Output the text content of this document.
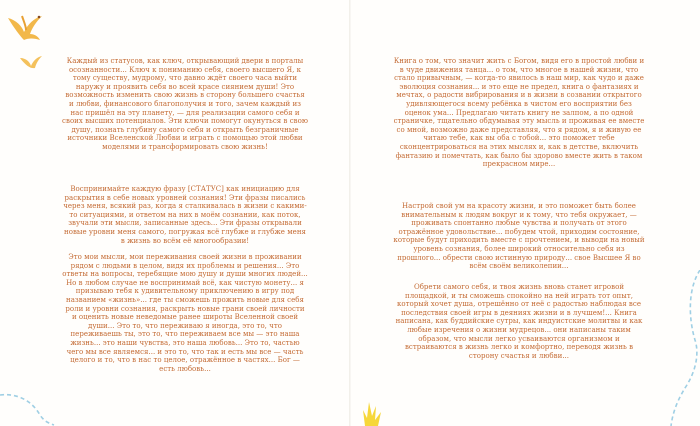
Каждый из статусов, как ключ, открывающий двери в порталы осознанности... Ключ к пониманию себя, своего высшего Я, к тому существу, мудрому, что давно ждёт своего часа выйти наружу и проявить себя во всей красе сиянием души! Это возможность изменить свою жизнь в сторону большего счастья и любви, финансового благополучия и того, зачем каждый из нас пришёл на эту планету, — для реализации самого себя и своих высших потенциалов. Эти ключи помогут окунуться в свою душу, познать глубину самого себя и открыть безграничные источники Вселенской Любви и играть с помощью этой любви моделями и трансформировать свою жизнь!
Воспринимайте каждую фразу [СТАТУС] как инициацию для раскрытия в себе новых уровней сознания! Эти фразы писались через меня, всякий раз, когда я сталкивалась в жизни с какими-то ситуациями, и ответом на них в моём сознании, как поток, звучали эти мысли, записанные здесь... Эти фразы открывали новые уровни меня самого, погружая всё глубже и глубже меня в жизнь во всём её многообразии!
Это мои мысли, мои переживания своей жизни в проживании рядом с людьми в целом, видя их проблемы и решения... Это ответы на вопросы, теребящие мою душу и души многих людей... Но в любом случае не воспринимай всё, как чистую монету... я призываю тебя к удивительному приключению в игру под названием «жизнь»... где ты сможешь прожить новые для себя роли и уровни сознания, раскрыть новые грани своей личности и оценить новые неведомые ранее широты Вселенной своей души... Это то, что переживаю я иногда, это то, что переживаешь ты, это то, что переживаем все мы — это наша жизнь... это наши чувства, это наша любовь... Это то, частью чего мы все являемся... и это то, что так и есть мы все — часть целого и то, что в нас то целое, отражённое в частях... Бог — есть любовь...
Книга о том, что значит жить с Богом, видя его в простой любви и в чуде движения танца... о том, что многое в нашей жизни, что стало привычным, — когда-то явилось в наш мир, как чудо и даже эволюция сознания... и это еще не предел, книга о фантазиях и мечтах, о радости вибрирования и в жизни в созвании открытого удивляющегося всему ребёнка в чистом его восприятии без оценок ума... Предлагаю читать книгу не залпом, а по одной страничке, тщательно обдумывая эту мысль и проживая ее вместе со мной, возможно даже представляя, что я рядом, я и живую ее читаю тебе, как вы оба с тобой... это поможет тебе сконцентрироваться на этих мыслях и, как в детстве, включить фантазию и помечтать, как было бы здорово вместе жить в таком прекрасном мире...
Настрой свой ум на красоту жизни, и это поможет быть более внимательным к людям вокруг и к тому, что тебя окружает, — проживать спонтанно любые чувства и получать от этого отражённое удовольствие... побудем чтой, приходим состояние, которые будут приходить вместе с прочтением, и выводи на новый уровень сознания, более широкий относительно себя из прошлого... обрести свою истинную природу... свое Высшее Я во всём своём великолепии...
Обрети самого себя, и твоя жизнь вновь станет игровой площадкой, и ты сможешь спокойно на ней играть тот опыт, который хочет душа, отрешённо от неё с радостью наблюдая все последствия своей игры в деяниях жизни и в лучшем!... Книга написана, как буддийские сутры, как индуистские молитвы и как любые изречения о жизни мудрецов... они написаны таким образом, что мысли легко усваиваются организмом и встраиваются в жизнь легко и комфортно, переводя жизнь в сторону счастья и любви...
